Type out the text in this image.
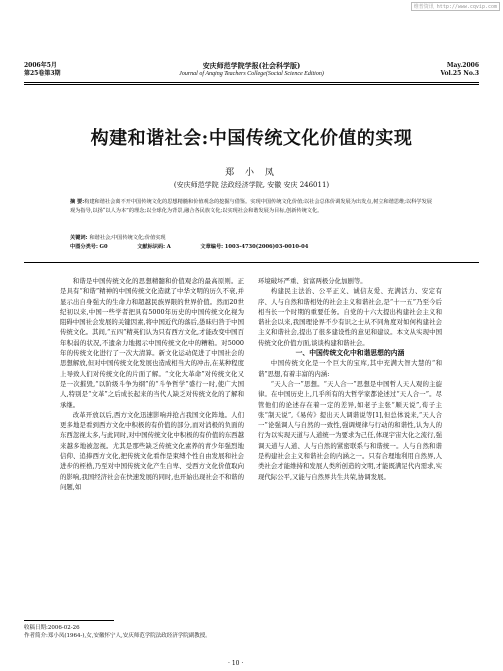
维普资讯 http://www.cqvip.com
2006年5月
第25卷第3期
安庆师范学院学报(社会科学版)
Journal of Anqing Teachers College(Social Science Edition)
May.2006
Vol.25 No.3
构建和谐社会:中国传统文化价值的实现
郑 小 凤
(安庆师范学院 法政经济学院, 安徽 安庆 246011)
摘 要:构建和谐社会离不开中国传统文化的思想精髓和价值观念的挖掘与借鉴。实现中国传统文化价值;以社会总体价调发展为出发点,树立和谐思维;以科学发展观为指导,以扬“以人为本”的理念;以全球化为背景,融合各民族文化;以实现社会和谐发展为目标,创新传统文化。
关键词: 和谐社会;中国传统文化;价值实现
中图分类号: G0	文献标识码: A	文章编号: 1003-4730(2006)03-0010-04

和谐是中国传统文化的思想精髓和价值观念的最高原则。正是具有“和谐”精神的中国传统文化造就了中华文明的历久不衰,并显示出自身强大的生命力和超越民族界限的世界价值。然而20世纪初以来,中国一些学者把具有5000年历史的中国传统文化视为阻碍中国社会发展的关键因素,将中国近代的落后,愚昧归咎于中国传统文化。其间,“五四”精英们认为只有西方文化,才能改变中国百年积弱的状况,不遗余力地揭示中国传统文化中的糟粕。对5000年的传统文化进行了一次大清算。新文化运动促进了中国社会的思想解放,但对中国传统文化发展也造成相当大的冲击,在某种程度上导致人们对传统文化的片面了解。“文化大革命”对传统文化又是一次摧毁,“以阶级斗争为纲”的“斗争哲学”盛行一时,使广大国人,特别是“文革”之后成长起来的当代人缺乏对传统文化的了解和承继。

改革开放以后,西方文化迅速影响并抢占我国文化阵地。人们更多地是看到西方文化中积极的有价值的部分,而对消极的负面的东西忽视太多,与此同时,对中国传统文化中积极的有价值的东西越来越多地被忽视。尤其是那些缺乏传统文化素养的青少年强烈地信仰、追捧西方文化,把传统文化看作是束缚个性自由发展和社会进步的桎梏,乃至对中国传统文化产生自卑、受西方文化价值取向的影响,我国经济社会在快速发展的同时,也开始出现社会不和谐的问题,如

环境破坏严重、贫富两极分化加剧等。

构建民主法治、公平正义、诚信友爱、充满活力、安定有序、人与自然和谐相处的社会主义和谐社会,是“十一五”乃至今后相当长一个时期的重要任务。自党的十六大提出构建社会主义和谐社会以来,我国理论界不少有识之士从不同角度对如何构建社会主义和谐社会,提出了很多建设性的意见和建议。本文从实现中国传统文化价值方面,谈谈构建和谐社会。

一、中国传统文化中和谐思想的内涵

中国传统文化是一个巨大的宝库,其中充满大智大慧的“和谐”思想,有着丰富的内涵:

“天人合一”思想。“天人合一”思想是中国哲人天人观的主旋律。在中国历史上,几乎所有的大哲学家都论述过“天人合一”。尽管他们的论述存在着一定的差异,如老子主张“顺天说”,荀子主张“制天说”,《易传》提出天人调谐说等[1],但总体说来,“天人合一”论强调人与自然的一致性,强调规律与行动的和谐性,认为人的行为以实现天道与人道统一为要求为己任,体现宇宙大化之流行,强调天道与人道、人与自然的紧密联系与和谐统一。人与自然和谐是构建社会主义和谐社会的内涵之一。只有合理地利用自然界,人类社会才能维持和发展人类所创造的文明,才能既满足代内需求,实现代际公平,又能与自然界共生共荣,协调发展。

收稿日期:2006-02-26
作者简介:郑小凤(1964-),女,安徽怀宁人,安庆师范学院法政经济学院副教授。
· 10 ·
